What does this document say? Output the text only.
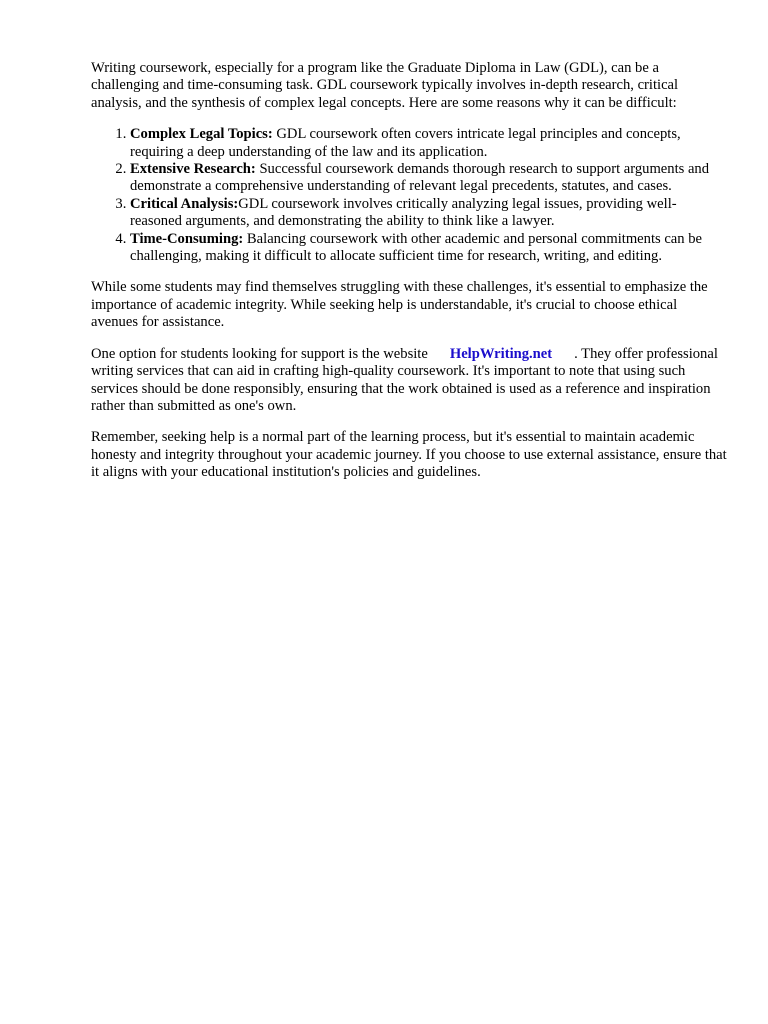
Writing coursework, especially for a program like the Graduate Diploma in Law (GDL), can be a challenging and time-consuming task. GDL coursework typically involves in-depth research, critical analysis, and the synthesis of complex legal concepts. Here are some reasons why it can be difficult:

1. Complex Legal Topics: GDL coursework often covers intricate legal principles and concepts, requiring a deep understanding of the law and its application.
2. Extensive Research: Successful coursework demands thorough research to support arguments and demonstrate a comprehensive understanding of relevant legal precedents, statutes, and cases.
3. Critical Analysis:GDL coursework involves critically analyzing legal issues, providing well-reasoned arguments, and demonstrating the ability to think like a lawyer.
4. Time-Consuming: Balancing coursework with other academic and personal commitments can be challenging, making it difficult to allocate sufficient time for research, writing, and editing.

While some students may find themselves struggling with these challenges, it's essential to emphasize the importance of academic integrity. While seeking help is understandable, it's crucial to choose ethical avenues for assistance.

One option for students looking for support is the website HelpWriting.net . They offer professional writing services that can aid in crafting high-quality coursework. It's important to note that using such services should be done responsibly, ensuring that the work obtained is used as a reference and inspiration rather than submitted as one's own.

Remember, seeking help is a normal part of the learning process, but it's essential to maintain academic honesty and integrity throughout your academic journey. If you choose to use external assistance, ensure that it aligns with your educational institution's policies and guidelines.
